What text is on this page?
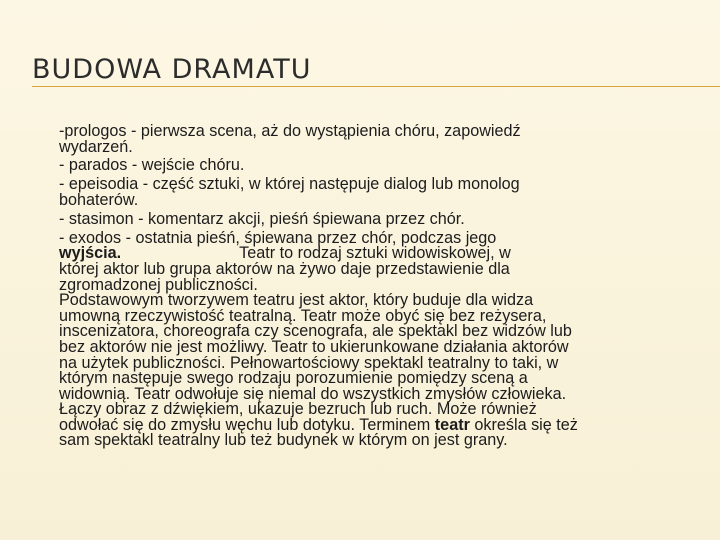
BUDOWA DRAMATU
-prologos - pierwsza scena, aż do wystąpienia chóru, zapowiedź
wydarzeń.
- parados - wejście chóru.
- epeisodia - część sztuki, w której następuje dialog lub monolog
bohaterów.
- stasimon - komentarz akcji, pieśń śpiewana przez chór.
- exodos - ostatnia pieśń, śpiewana przez chór, podczas jego
wyjścia.	Teatr to rodzaj sztuki widowiskowej, w
której aktor lub grupa aktorów na żywo daje przedstawienie dla
zgromadzonej publiczności.
Podstawowym tworzywem teatru jest aktor, który buduje dla widza
umowną rzeczywistość teatralną. Teatr może obyć się bez reżysera,
inscenizatora, choreografa czy scenografa, ale spektakl bez widzów lub
bez aktorów nie jest możliwy. Teatr to ukierunkowane działania aktorów
na użytek publiczności. Pełnowartościowy spektakl teatralny to taki, w
którym następuje swego rodzaju porozumienie pomiędzy sceną a
widownią. Teatr odwołuje się niemal do wszystkich zmysłów człowieka.
Łączy obraz z dźwiękiem, ukazuje bezruch lub ruch. Może również
odwołać się do zmysłu węchu lub dotyku. Terminem teatr określa się też
sam spektakl teatralny lub też budynek w którym on jest grany.
